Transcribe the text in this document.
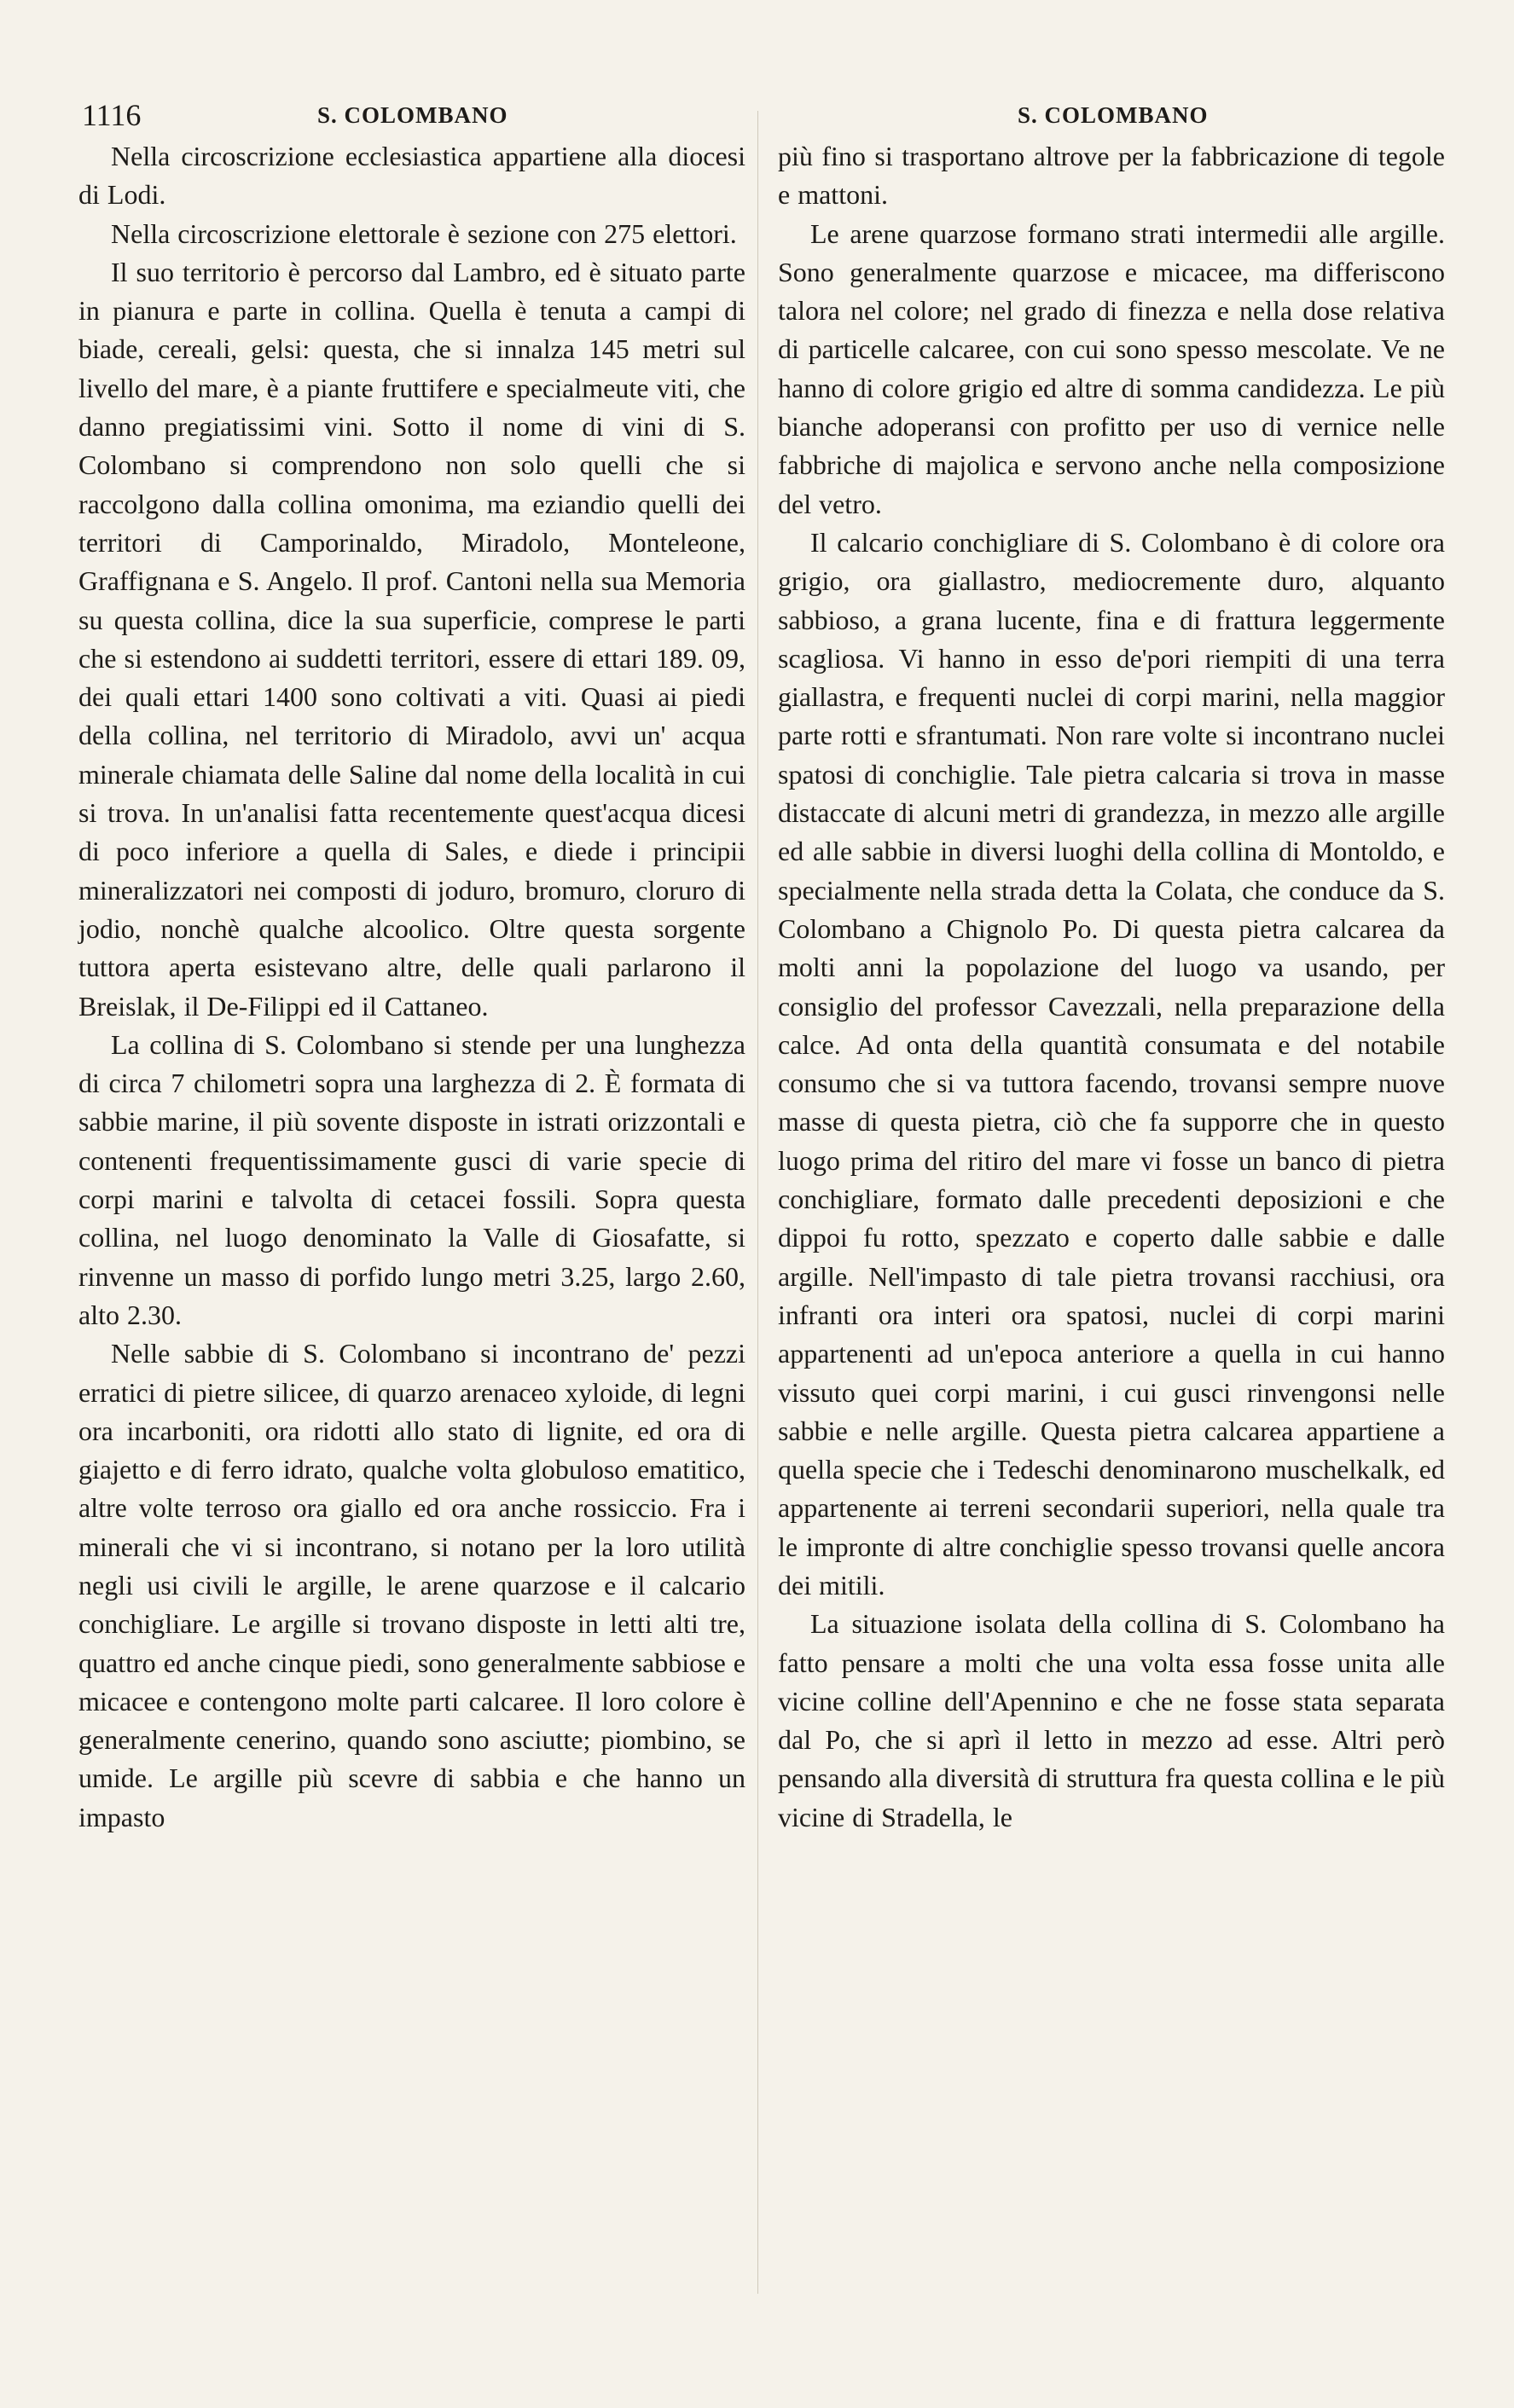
1116	S. COLOMBANO	S. COLOMBANO

Nella circoscrizione ecclesiastica appartiene alla diocesi di Lodi.

Nella circoscrizione elettorale è sezione con 275 elettori.

Il suo territorio è percorso dal Lambro, ed è situato parte in pianura e parte in collina. Quella è tenuta a campi di biade, cereali, gelsi: questa, che si innalza 145 metri sul livello del mare, è a piante fruttifere e specialmeute viti, che danno pregiatissimi vini. Sotto il nome di vini di S. Colombano si comprendono non solo quelli che si raccolgono dalla collina omonima, ma eziandio quelli dei territori di Camporinaldo, Miradolo, Monteleone, Graffignana e S. Angelo. Il prof. Cantoni nella sua Memoria su questa collina, dice la sua superficie, comprese le parti che si estendono ai suddetti territori, essere di ettari 189. 09, dei quali ettari 1400 sono coltivati a viti. Quasi ai piedi della collina, nel territorio di Miradolo, avvi un' acqua minerale chiamata delle Saline dal nome della località in cui si trova. In un'analisi fatta recentemente quest'acqua dicesi di poco inferiore a quella di Sales, e diede i principii mineralizzatori nei composti di joduro, bromuro, cloruro di jodio, nonchè qualche alcoolico. Oltre questa sorgente tuttora aperta esistevano altre, delle quali parlarono il Breislak, il De-Filippi ed il Cattaneo.

La collina di S. Colombano si stende per una lunghezza di circa 7 chilometri sopra una larghezza di 2. È formata di sabbie marine, il più sovente disposte in istrati orizzontali e contenenti frequentissimamente gusci di varie specie di corpi marini e talvolta di cetacei fossili. Sopra questa collina, nel luogo denominato la Valle di Giosafatte, si rinvenne un masso di porfido lungo metri 3.25, largo 2.60, alto 2.30.

Nelle sabbie di S. Colombano si incontrano de' pezzi erratici di pietre silicee, di quarzo arenaceo xyloide, di legni ora incarboniti, ora ridotti allo stato di lignite, ed ora di giajetto e di ferro idrato, qualche volta globuloso ematitico, altre volte terroso ora giallo ed ora anche rossiccio. Fra i minerali che vi si incontrano, si notano per la loro utilità negli usi civili le argille, le arene quarzose e il calcario conchigliare. Le argille si trovano disposte in letti alti tre, quattro ed anche cinque piedi, sono generalmente sabbiose e micacee e contengono molte parti calcaree. Il loro colore è generalmente cenerino, quando sono asciutte; piombino, se umide. Le argille più scevre di sabbia e che hanno un impasto

più fino si trasportano altrove per la fabbricazione di tegole e mattoni.

Le arene quarzose formano strati intermedii alle argille. Sono generalmente quarzose e micacee, ma differiscono talora nel colore; nel grado di finezza e nella dose relativa di particelle calcaree, con cui sono spesso mescolate. Ve ne hanno di colore grigio ed altre di somma candidezza. Le più bianche adoperansi con profitto per uso di vernice nelle fabbriche di majolica e servono anche nella composizione del vetro.

Il calcario conchigliare di S. Colombano è di colore ora grigio, ora giallastro, mediocremente duro, alquanto sabbioso, a grana lucente, fina e di frattura leggermente scagliosa. Vi hanno in esso de'pori riempiti di una terra giallastra, e frequenti nuclei di corpi marini, nella maggior parte rotti e sfrantumati. Non rare volte si incontrano nuclei spatosi di conchiglie. Tale pietra calcaria si trova in masse distaccate di alcuni metri di grandezza, in mezzo alle argille ed alle sabbie in diversi luoghi della collina di Montoldo, e specialmente nella strada detta la Colata, che conduce da S. Colombano a Chignolo Po. Di questa pietra calcarea da molti anni la popolazione del luogo va usando, per consiglio del professor Cavezzali, nella preparazione della calce. Ad onta della quantità consumata e del notabile consumo che si va tuttora facendo, trovansi sempre nuove masse di questa pietra, ciò che fa supporre che in questo luogo prima del ritiro del mare vi fosse un banco di pietra conchigliare, formato dalle precedenti deposizioni e che dippoi fu rotto, spezzato e coperto dalle sabbie e dalle argille. Nell'impasto di tale pietra trovansi racchiusi, ora infranti ora interi ora spatosi, nuclei di corpi marini appartenenti ad un'epoca anteriore a quella in cui hanno vissuto quei corpi marini, i cui gusci rinvengonsi nelle sabbie e nelle argille. Questa pietra calcarea appartiene a quella specie che i Tedeschi denominarono muschelkalk, ed appartenente ai terreni secondarii superiori, nella quale tra le impronte di altre conchiglie spesso trovansi quelle ancora dei mitili.

La situazione isolata della collina di S. Colombano ha fatto pensare a molti che una volta essa fosse unita alle vicine colline dell'Apennino e che ne fosse stata separata dal Po, che si aprì il letto in mezzo ad esse. Altri però pensando alla diversità di struttura fra questa collina e le più vicine di Stradella, le
